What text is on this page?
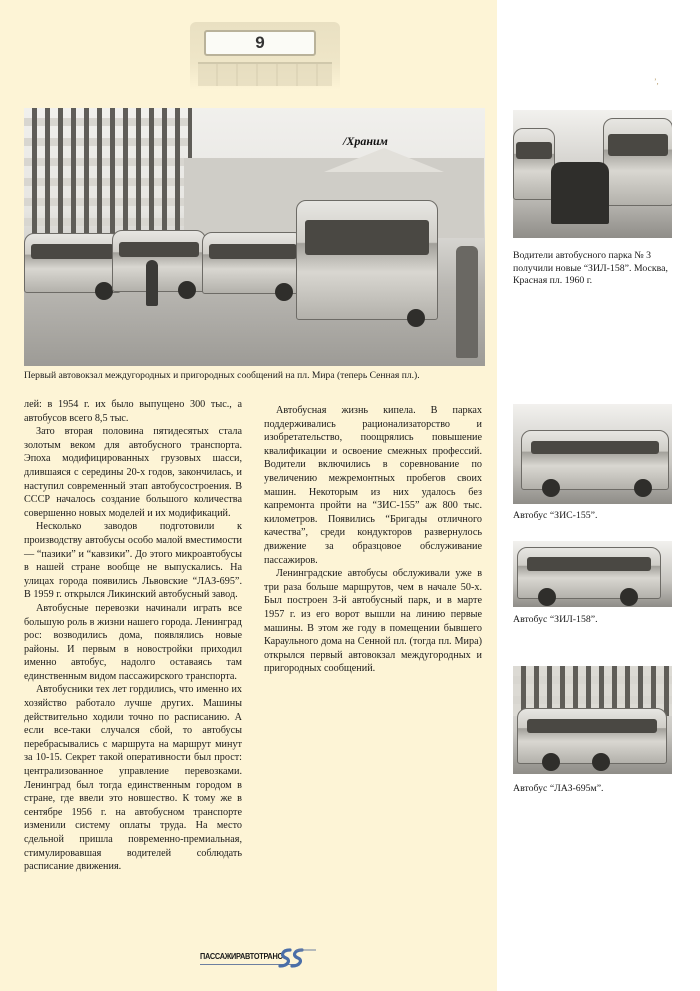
9
/Храним
Первый автовокзал междугородных и пригородных сообщений на пл. Мира (теперь Сенная пл.).

лей: в 1954 г. их было выпущено 300 тыс., а автобусов всего 8,5 тыс.

Зато вторая половина пятидесятых стала золотым веком для автобусного транспорта. Эпоха модифицированных грузовых шасси, длившаяся с середины 20-х годов, закончилась, и наступил современный этап автобусостроения. В СССР началось создание большого количества совершенно новых моделей и их модификаций.

Несколько заводов подготовили к производству автобусы особо малой вместимости — “пазики” и “кавзики”. До этого микроавтобусы в нашей стране вообще не выпускались. На улицах города появились Львовские “ЛАЗ-695”. В 1959 г. открылся Ликинский автобусный завод.

Автобусные перевозки начинали играть все большую роль в жизни нашего города. Ленинград рос: возводились дома, появлялись новые районы. И первым в новостройки приходил именно автобус, надолго оставаясь там единственным видом пассажирского транспорта.

Автобусники тех лет гордились, что именно их хозяйство работало лучше других. Машины действительно ходили точно по расписанию. А если все-таки случался сбой, то автобусы перебрасывались с маршрута на маршрут минут за 10-15. Секрет такой оперативности был прост: централизованное управление перевозками. Ленинград был тогда единственным городом в стране, где ввели это новшество. К тому же в сентябре 1956 г. на автобусном транспорте изменили систему оплаты труда. На место сдельной пришла повременно-премиальная, стимулировавшая водителей соблюдать расписание движения.

Автобусная жизнь кипела. В парках поддерживались рационализаторство и изобретательство, поощрялись повышение квалификации и освоение смежных профессий. Водители включились в соревнование по увеличению межремонтных пробегов своих машин. Некоторым из них удалось без капремонта пройти на “ЗИС-155” аж 800 тыс. километров. Появились “Бригады отличного качества”, среди кондукторов развернулось движение за образцовое обслуживание пассажиров.

Ленинградские автобусы обслуживали уже в три раза больше маршрутов, чем в начале 50-х. Был построен 3-й автобусный парк, и в марте 1957 г. из его ворот вышли на линию первые машины. В этом же году в помещении бывшего Караульного дома на Сенной пл. (тогда пл. Мира) открылся первый автовокзал междугородных и пригородных сообщений.

’,
Водители автобусного парка № 3 получили новые “ЗИЛ-158”. Москва, Красная пл. 1960 г.
Автобус “ЗИС-155”.
Автобус “ЗИЛ-158”.
Автобус “ЛАЗ-695м”.
ПАССАЖИРАВТОТРАНС
